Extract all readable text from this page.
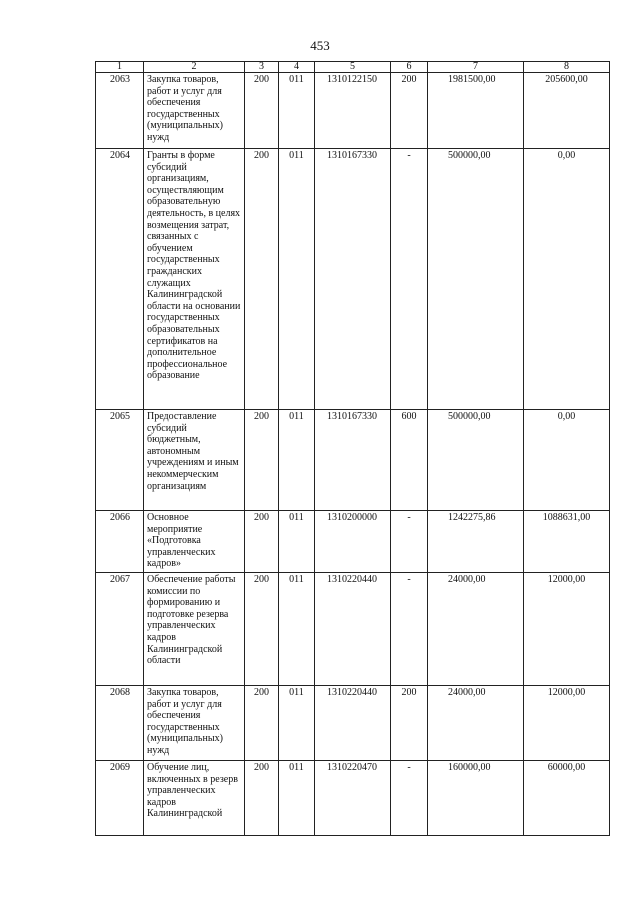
453
1	2	3	4	5	6	7	8
2063	Закупка товаров, работ и услуг для обеспечения государственных (муниципальных) нужд	200	011	1310122150	200	1981500,00	205600,00
2064	Гранты в форме субсидий организациям, осуществляющим образовательную деятельность, в целях возмещения затрат, связанных с обучением государственных гражданских служащих Калининградской области на основании государственных образовательных сертификатов на дополнительное профессиональное образование	200	011	1310167330	-	500000,00	0,00
2065	Предоставление субсидий бюджетным, автономным учреждениям и иным некоммерческим организациям	200	011	1310167330	600	500000,00	0,00
2066	Основное мероприятие «Подготовка управленческих кадров»	200	011	1310200000	-	1242275,86	1088631,00
2067	Обеспечение работы комиссии по формированию и подготовке резерва управленческих кадров Калининградской области	200	011	1310220440	-	24000,00	12000,00
2068	Закупка товаров, работ и услуг для обеспечения государственных (муниципальных) нужд	200	011	1310220440	200	24000,00	12000,00
2069	Обучение лиц, включенных в резерв управленческих кадров Калининградской	200	011	1310220470	-	160000,00	60000,00
